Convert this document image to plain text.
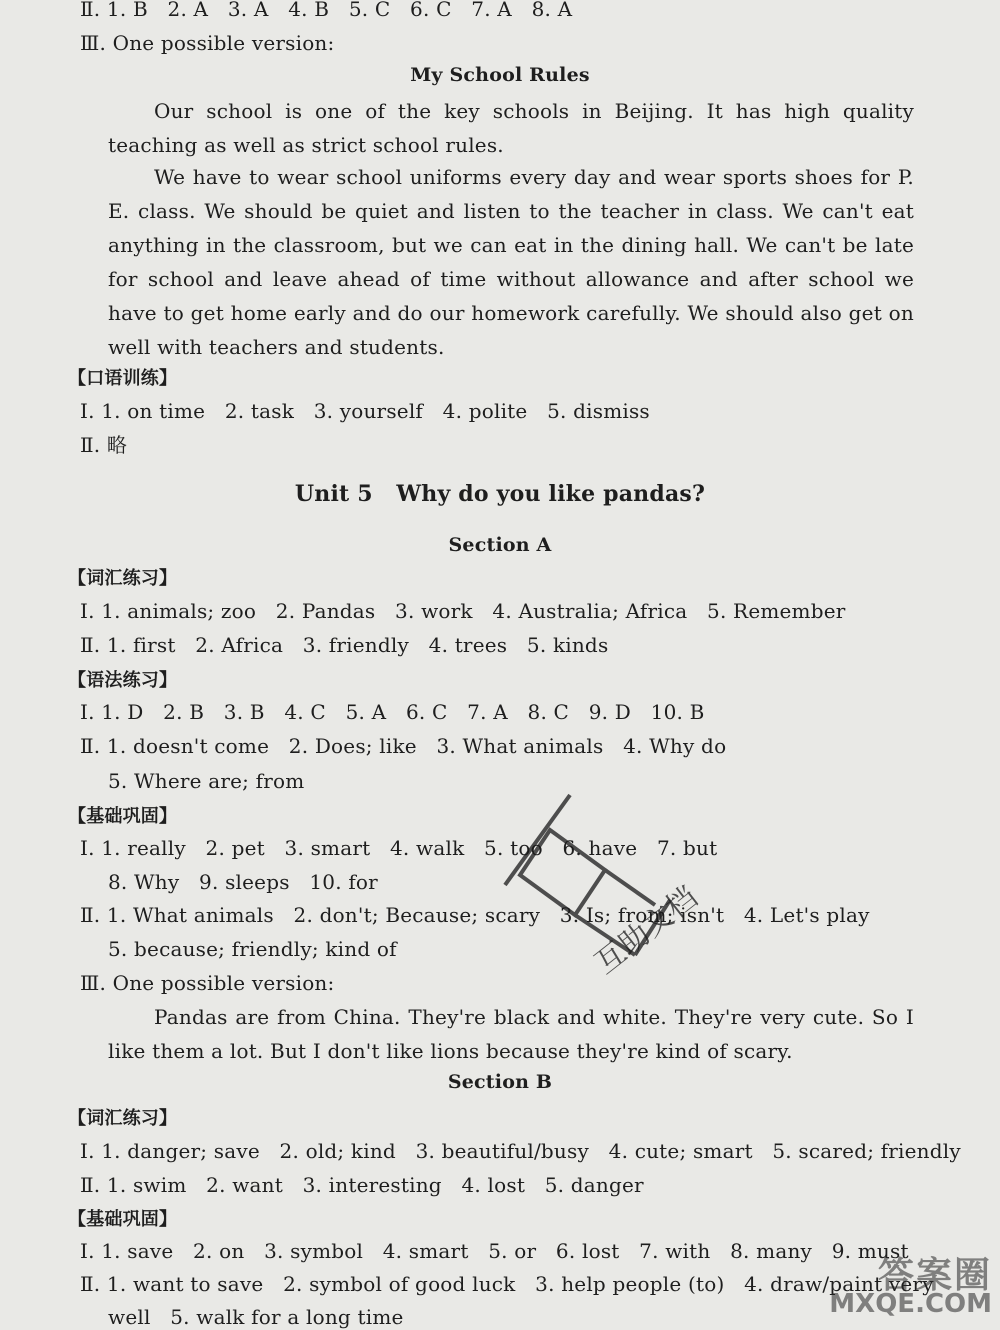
Ⅱ. 1. B   2. A   3. A   4. B   5. C   6. C   7. A   8. A
Ⅲ. One possible version:
My School Rules
Our school is one of the key schools in Beijing. It has high quality teaching as well as strict school rules.
We have to wear school uniforms every day and wear sports shoes for P. E. class. We should be quiet and listen to the teacher in class. We can't eat anything in the classroom, but we can eat in the dining hall. We can't be late for school and leave ahead of time without allowance and after school we have to get home early and do our homework carefully. We should also get on well with teachers and students.
【口语训练】
Ⅰ. 1. on time   2. task   3. yourself   4. polite   5. dismiss
Ⅱ. 略
Unit 5   Why do you like pandas?
Section A
【词汇练习】
Ⅰ. 1. animals; zoo   2. Pandas   3. work   4. Australia; Africa   5. Remember
Ⅱ. 1. first   2. Africa   3. friendly   4. trees   5. kinds
【语法练习】
Ⅰ. 1. D   2. B   3. B   4. C   5. A   6. C   7. A   8. C   9. D   10. B
Ⅱ. 1. doesn't come   2. Does; like   3. What animals   4. Why do
5. Where are; from
【基础巩固】
Ⅰ. 1. really   2. pet   3. smart   4. walk   5. too   6. have   7. but
8. Why   9. sleeps   10. for
Ⅱ. 1. What animals   2. don't; Because; scary   3. Is; from; isn't   4. Let's play
5. because; friendly; kind of
Ⅲ. One possible version:
Pandas are from China. They're black and white. They're very cute. So I like them a lot. But I don't like lions because they're kind of scary.
Section B
【词汇练习】
Ⅰ. 1. danger; save   2. old; kind   3. beautiful/busy   4. cute; smart   5. scared; friendly
Ⅱ. 1. swim   2. want   3. interesting   4. lost   5. danger
【基础巩固】
Ⅰ. 1. save   2. on   3. symbol   4. smart   5. or   6. lost   7. with   8. many   9. must
Ⅱ. 1. want to save   2. symbol of good luck   3. help people (to)   4. draw/paint very
well   5. walk for a long time
互助文档
答案圈
MXQE.COM
